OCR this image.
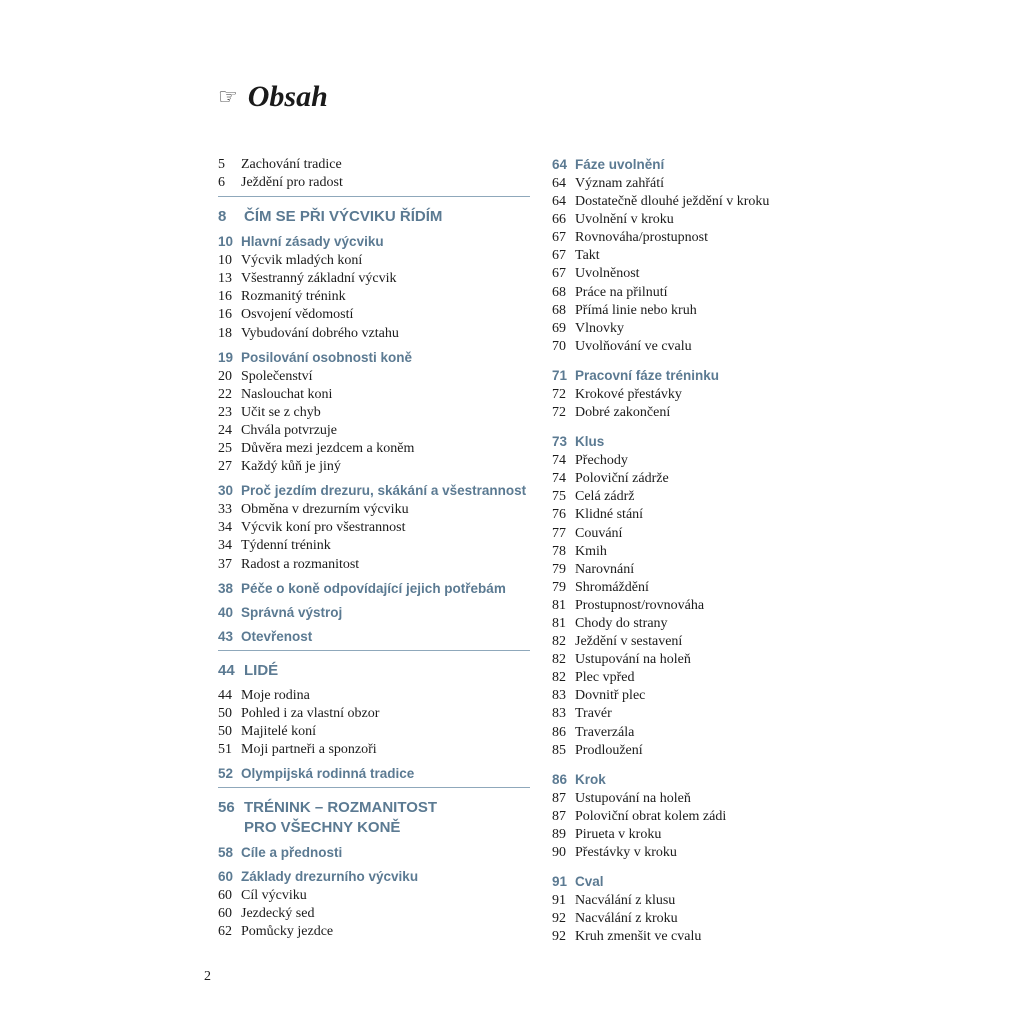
☞ Obsah
5	Zachování tradice
6	Ježdění pro radost
8	ČÍM SE PŘI VÝCVIKU ŘÍDÍM
10 Hlavní zásady výcviku
10 Výcvik mladých koní
13 Všestranný základní výcvik
16 Rozmanitý trénink
16 Osvojení vědomostí
18 Vybudování dobrého vztahu
19 Posilování osobnosti koně
20 Společenství
22 Naslouchat koni
23 Učit se z chyb
24 Chvála potvrzuje
25 Důvěra mezi jezdcem a koněm
27 Každý kůň je jiný
30 Proč jezdím drezuru, skákání a všestrannost
33 Obměna v drezurním výcviku
34 Výcvik koní pro všestrannost
34 Týdenní trénink
37 Radost a rozmanitost
38 Péče o koně odpovídající jejich potřebám
40 Správná výstroj
43 Otevřenost
44 LIDÉ
44 Moje rodina
50 Pohled i za vlastní obzor
50 Majitelé koní
51 Moji partneři a sponzoři
52 Olympijská rodinná tradice
56 TRÉNINK – ROZMANITOST
PRO VŠECHNY KONĚ
58 Cíle a přednosti
60 Základy drezurního výcviku
60 Cíl výcviku
60 Jezdecký sed
62 Pomůcky jezdce
64 Fáze uvolnění
64 Význam zahřátí
64 Dostatečně dlouhé ježdění v kroku
66 Uvolnění v kroku
67 Rovnováha/prostupnost
67 Takt
67 Uvolněnost
68 Práce na přilnutí
68 Přímá linie nebo kruh
69 Vlnovky
70 Uvolňování ve cvalu
71 Pracovní fáze tréninku
72 Krokové přestávky
72 Dobré zakončení
73 Klus
74 Přechody
74 Poloviční zádrže
75 Celá zádrž
76 Klidné stání
77 Couvání
78 Kmih
79 Narovnání
79 Shromáždění
81 Prostupnost/rovnováha
81 Chody do strany
82 Ježdění v sestavení
82 Ustupování na holeň
82 Plec vpřed
83 Dovnitř plec
83 Travér
86 Traverzála
85 Prodloužení
86 Krok
87 Ustupování na holeň
87 Poloviční obrat kolem zádi
89 Pirueta v kroku
90 Přestávky v kroku
91 Cval
91 Nacválání z klusu
92 Nacválání z kroku
92 Kruh zmenšit ve cvalu
2
